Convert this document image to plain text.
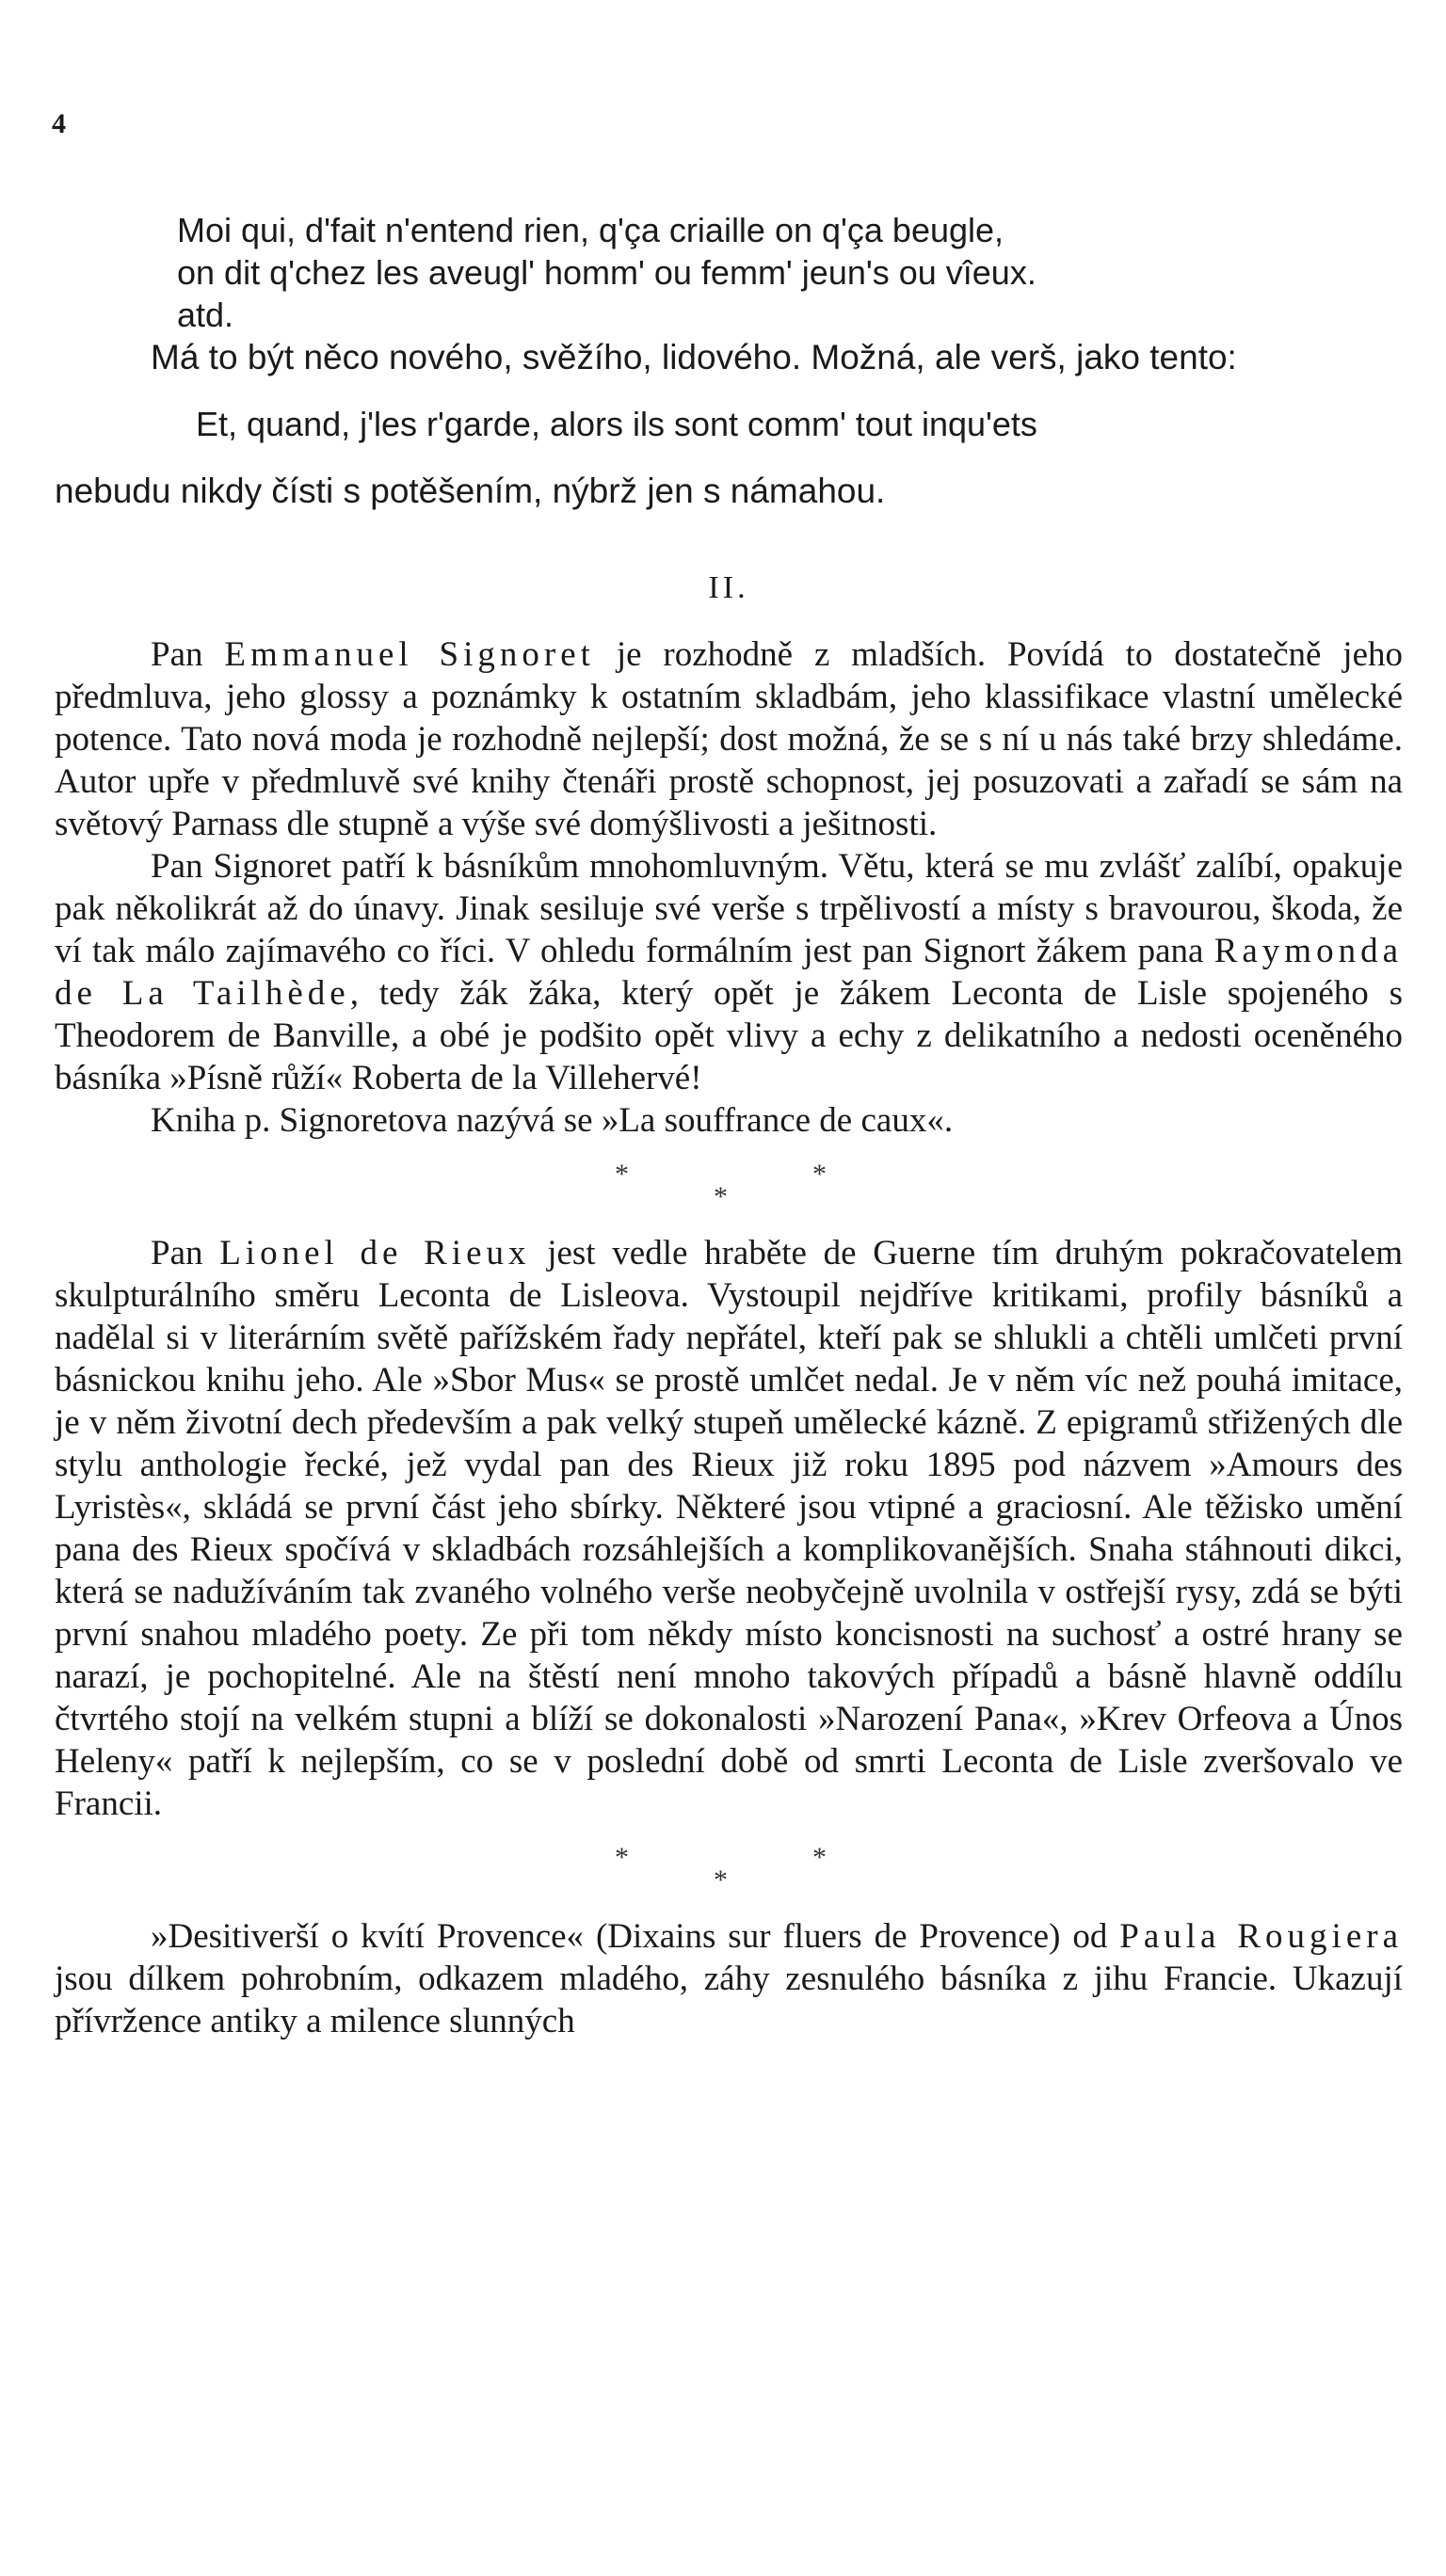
4
Moi qui, d'fait n'entend rien, q'ça criaille on q'ça beugle,
on dit q'chez les aveugl' homm' ou femm' jeun's ou vîeux.
atd.

Má to být něco nového, svěžího, lidového. Možná, ale verš, jako tento:

Et, quand, j'les r'garde, alors ils sont comm' tout inqu'ets

nebudu nikdy čísti s potěšením, nýbrž jen s námahou.

II.

Pan Emmanuel Signoret je rozhodně z mladších. Povídá to dostatečně jeho předmluva, jeho glossy a poznámky k ostatním skladbám, jeho klassifikace vlastní umělecké potence. Tato nová moda je rozhodně nejlepší; dost možná, že se s ní u nás také brzy shledáme. Autor upře v předmluvě své knihy čtenáři prostě schopnost, jej posuzovati a zařadí se sám na světový Parnass dle stupně a výše své domýšlivosti a ješitnosti.

Pan Signoret patří k básníkům mnohomluvným. Větu, která se mu zvlášť zalíbí, opakuje pak několikrát až do únavy. Jinak sesiluje své verše s trpělivostí a místy s bravourou, škoda, že ví tak málo zajímavého co říci. V ohledu formálním jest pan Signort žákem pana Raymonda de La Tailhède, tedy žák žáka, který opět je žákem Leconta de Lisle spojeného s Theodorem de Banville, a obé je podšito opět vlivy a echy z delikatního a nedosti oceněného básníka »Písně růží« Roberta de la Villehervé!

Kniha p. Signoretova nazývá se »La souffrance de caux«.

*
*
*

Pan Lionel de Rieux jest vedle hraběte de Guerne tím druhým pokračovatelem skulpturálního směru Leconta de Lisleova. Vystoupil nejdříve kritikami, profily básníků a nadělal si v literárním světě pařížském řady nepřátel, kteří pak se shlukli a chtěli umlčeti první básnickou knihu jeho. Ale »Sbor Mus« se prostě umlčet nedal. Je v něm víc než pouhá imitace, je v něm životní dech především a pak velký stupeň umělecké kázně. Z epigramů střižených dle stylu anthologie řecké, jež vydal pan des Rieux již roku 1895 pod názvem »Amours des Lyristès«, skládá se první část jeho sbírky. Některé jsou vtipné a graciosní. Ale těžisko umění pana des Rieux spočívá v skladbách rozsáhlejších a komplikovanějších. Snaha stáhnouti dikci, která se nadužíváním tak zvaného volného verše neobyčejně uvolnila v ostřejší rysy, zdá se býti první snahou mladého poety. Ze při tom někdy místo koncisnosti na suchosť a ostré hrany se narazí, je pochopitelné. Ale na štěstí není mnoho takových případů a básně hlavně oddílu čtvrtého stojí na velkém stupni a blíží se dokonalosti »Narození Pana«, »Krev Orfeova a Únos Heleny« patří k nejlepším, co se v poslední době od smrti Leconta de Lisle zveršovalo ve Francii.

*
*
*

»Desitiverší o kvítí Provence« (Dixains sur fluers de Provence) od Paula Rougiera jsou dílkem pohrobním, odkazem mladého, záhy zesnulého básníka z jihu Francie. Ukazují přívržence antiky a milence slunných
